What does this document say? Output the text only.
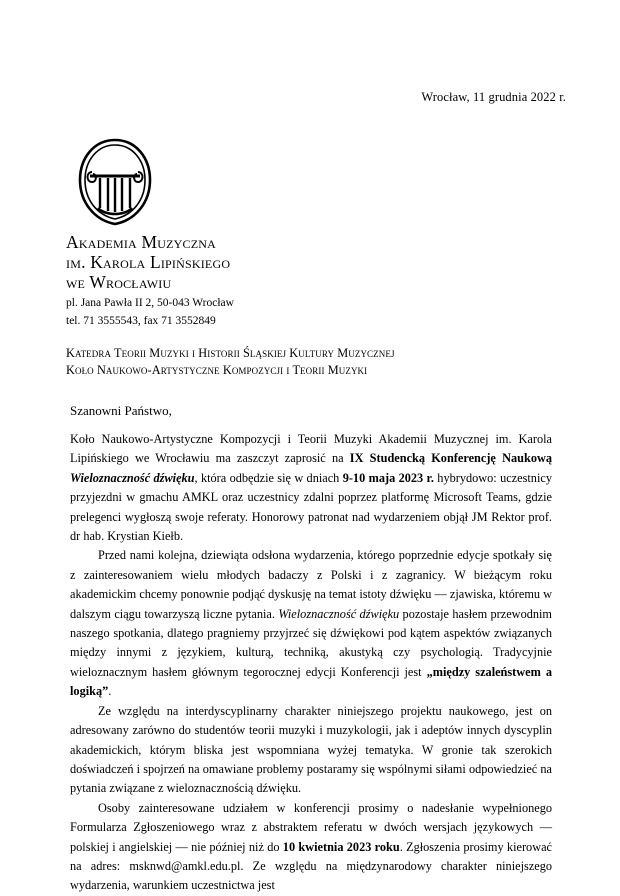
Wrocław, 11 grudnia 2022 r.
Akademia Muzyczna
im. Karola Lipińskiego
we Wrocławiu
pl. Jana Pawła II 2, 50-043 Wrocław
tel. 71 3555543, fax 71 3552849
Katedra Teorii Muzyki i Historii Śląskiej Kultury Muzycznej
Koło Naukowo-Artystyczne Kompozycji i Teorii Muzyki
Szanowni Państwo,

Koło Naukowo-Artystyczne Kompozycji i Teorii Muzyki Akademii Muzycznej im. Karola Lipińskiego we Wrocławiu ma zaszczyt zaprosić na IX Studencką Konferencję Naukową Wieloznaczność dźwięku, która odbędzie się w dniach 9-10 maja 2023 r. hybrydowo: uczestnicy przyjezdni w gmachu AMKL oraz uczestnicy zdalni poprzez platformę Microsoft Teams, gdzie prelegenci wygłoszą swoje referaty. Honorowy patronat nad wydarzeniem objął JM Rektor prof. dr hab. Krystian Kiełb.

Przed nami kolejna, dziewiąta odsłona wydarzenia, którego poprzednie edycje spotkały się z zainteresowaniem wielu młodych badaczy z Polski i z zagranicy. W bieżącym roku akademickim chcemy ponownie podjąć dyskusję na temat istoty dźwięku — zjawiska, któremu w dalszym ciągu towarzyszą liczne pytania. Wieloznaczność dźwięku pozostaje hasłem przewodnim naszego spotkania, dlatego pragniemy przyjrzeć się dźwiękowi pod kątem aspektów związanych między innymi z językiem, kulturą, techniką, akustyką czy psychologią. Tradycyjnie wieloznacznym hasłem głównym tegorocznej edycji Konferencji jest „między szaleństwem a logiką”.

Ze względu na interdyscyplinarny charakter niniejszego projektu naukowego, jest on adresowany zarówno do studentów teorii muzyki i muzykologii, jak i adeptów innych dyscyplin akademickich, którym bliska jest wspomniana wyżej tematyka. W gronie tak szerokich doświadczeń i spojrzeń na omawiane problemy postaramy się wspólnymi siłami odpowiedzieć na pytania związane z wieloznacznością dźwięku.

Osoby zainteresowane udziałem w konferencji prosimy o nadesłanie wypełnionego Formularza Zgłoszeniowego wraz z abstraktem referatu w dwóch wersjach językowych — polskiej i angielskiej — nie później niż do 10 kwietnia 2023 roku. Zgłoszenia prosimy kierować na adres: msknwd@amkl.edu.pl. Ze względu na międzynarodowy charakter niniejszego wydarzenia, warunkiem uczestnictwa jest
